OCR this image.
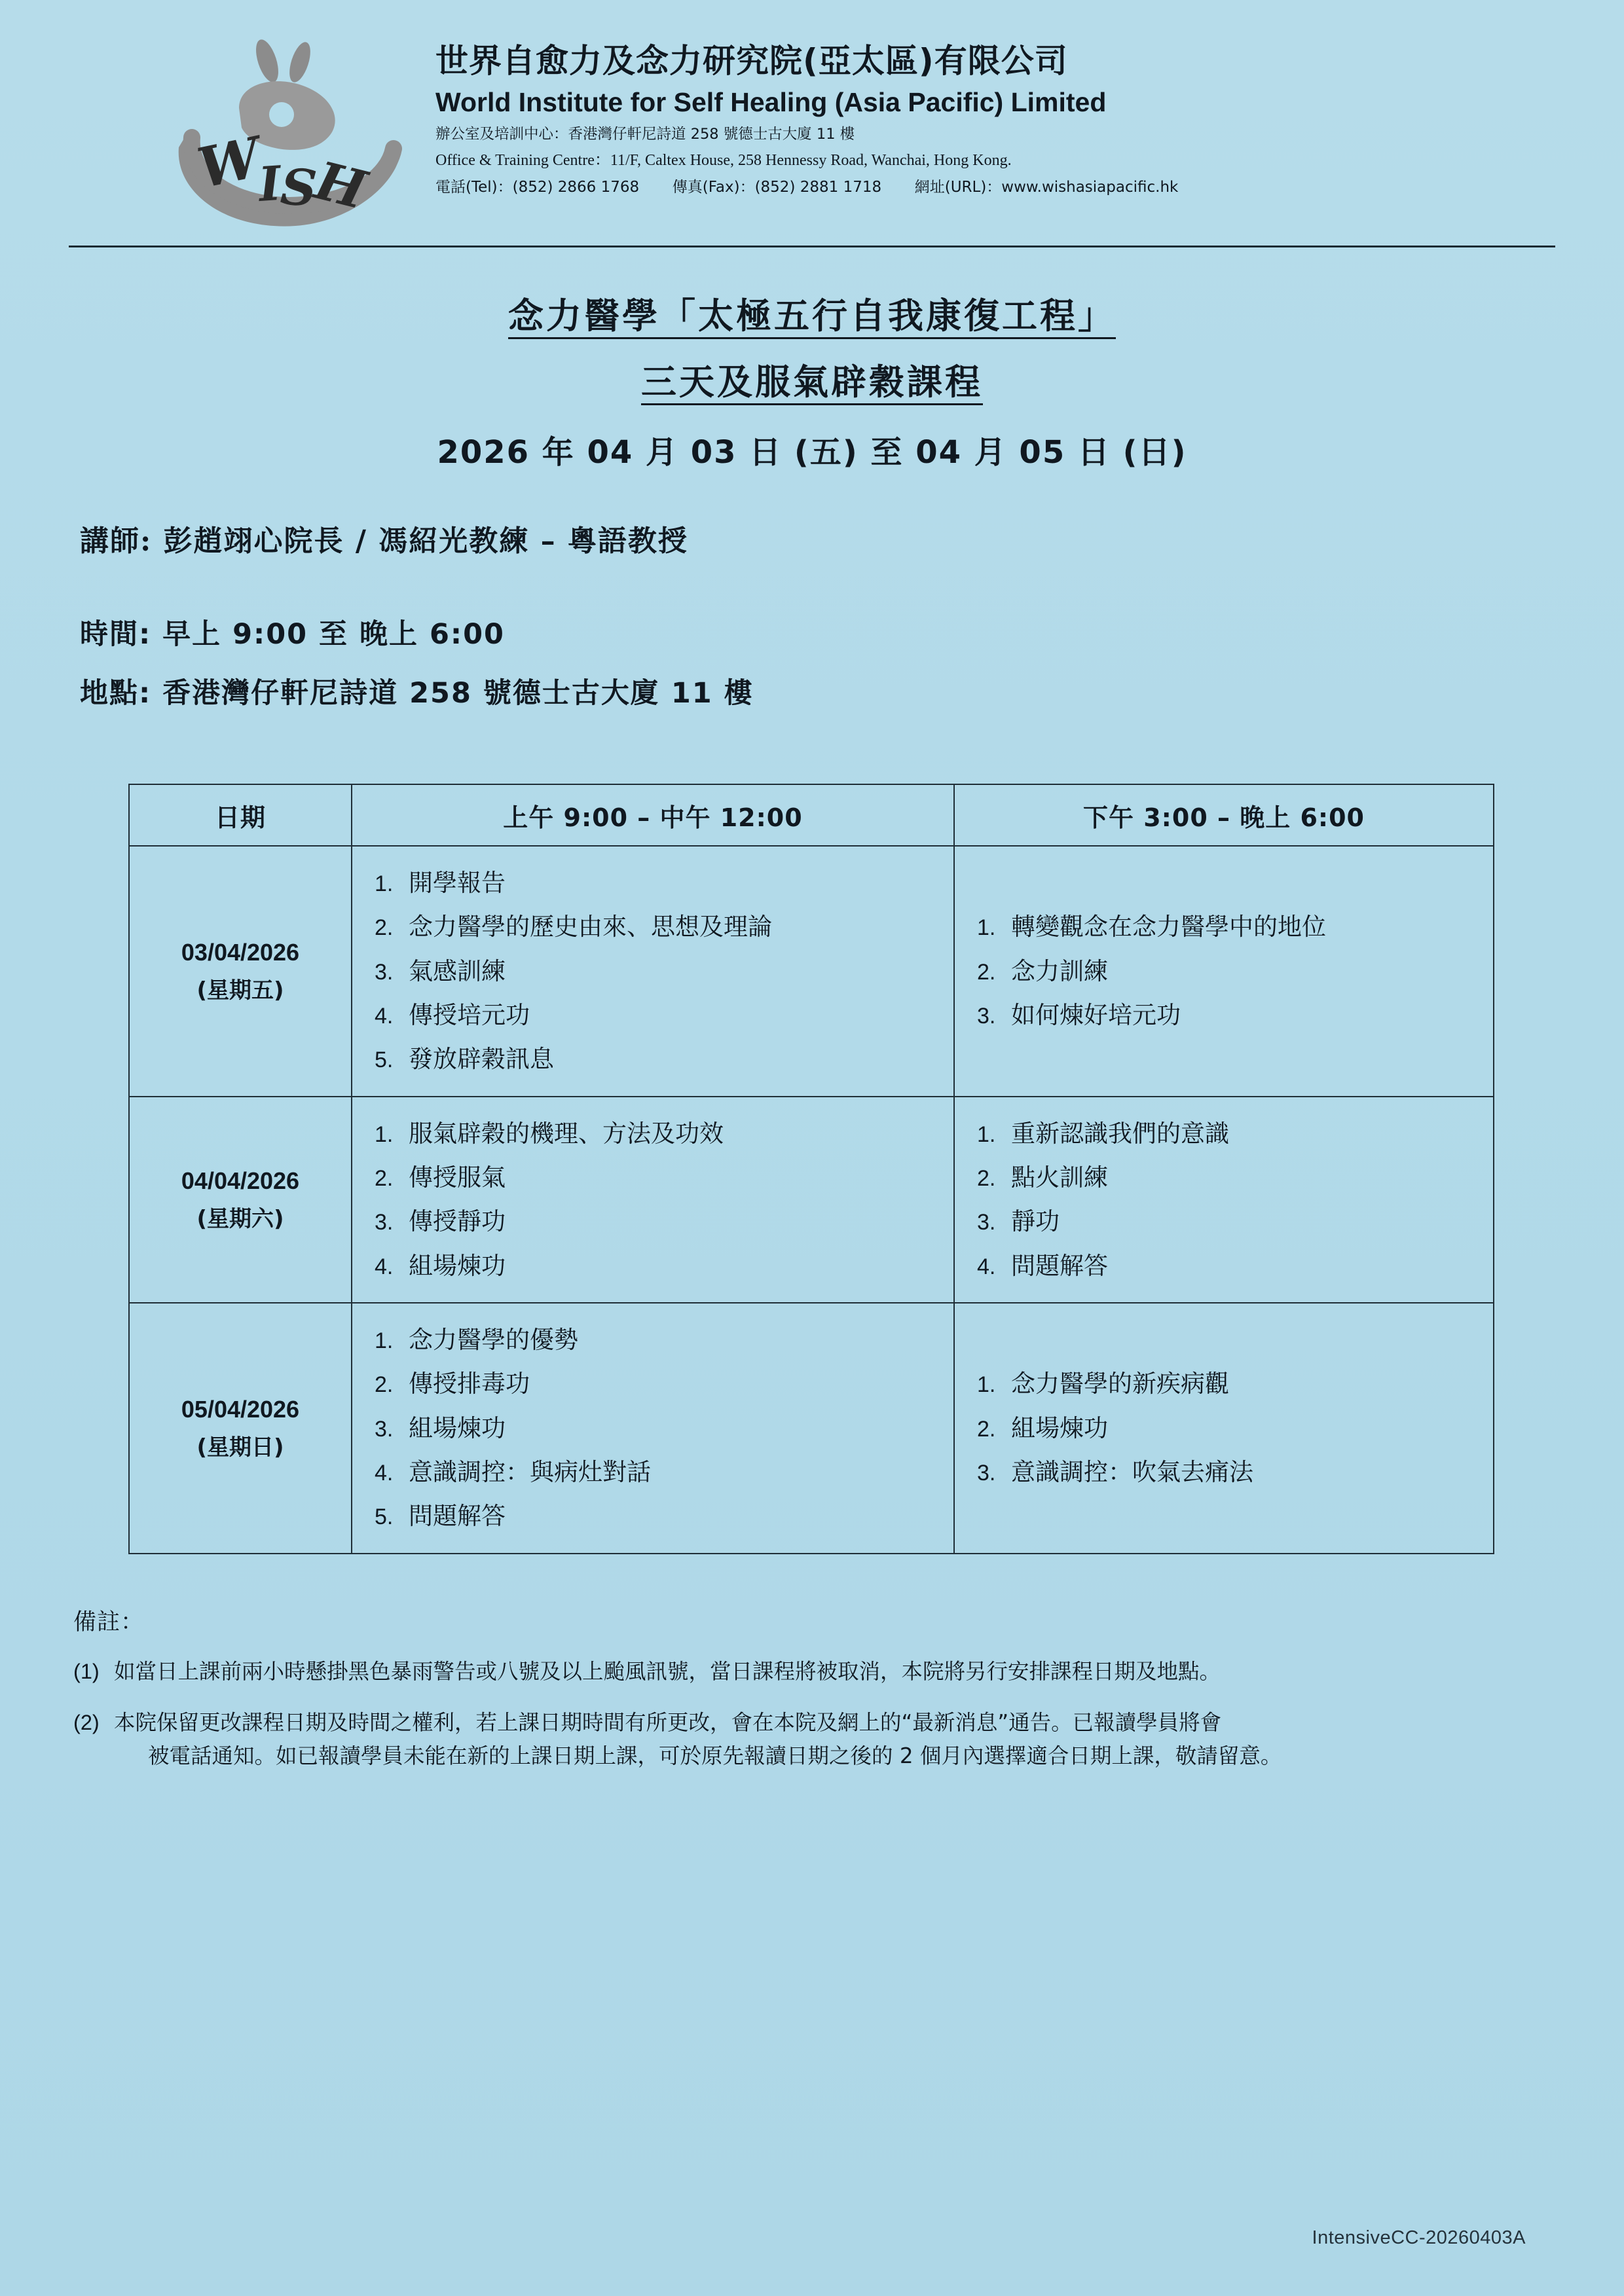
W
I
S
H
世界自愈力及念力研究院(亞太區)有限公司
World Institute for Self Healing (Asia Pacific) Limited
辦公室及培訓中心：香港灣仔軒尼詩道 258 號德士古大廈 11 樓
Office & Training Centre：11/F, Caltex House, 258 Hennessy Road, Wanchai, Hong Kong.
電話(Tel)：(852) 2866 1768 傳真(Fax)：(852) 2881 1718 網址(URL)：www.wishasiapacific.hk
念力醫學「太極五行自我康復工程」
三天及服氣辟穀課程
2026 年 04 月 03 日 (五) 至 04 月 05 日 (日)
講師: 彭趙翊心院長 / 馮紹光教練 – 粵語教授
時間: 早上 9:00 至 晚上 6:00
地點: 香港灣仔軒尼詩道 258 號德士古大廈 11 樓
日期	上午 9:00 – 中午 12:00	下午 3:00 – 晚上 6:00
03/04/2026
(星期五)

1. 開學報告
2. 念力醫學的歷史由來、思想及理論
3. 氣感訓練
4. 傳授培元功
5. 發放辟穀訊息

1. 轉變觀念在念力醫學中的地位
2. 念力訓練
3. 如何煉好培元功

04/04/2026
(星期六)

1. 服氣辟穀的機理、方法及功效
2. 傳授服氣
3. 傳授靜功
4. 組場煉功

1. 重新認識我們的意識
2. 點火訓練
3. 靜功
4. 問題解答

05/04/2026
(星期日)

1. 念力醫學的優勢
2. 傳授排毒功
3. 組場煉功
4. 意識調控：與病灶對話
5. 問題解答

1. 念力醫學的新疾病觀
2. 組場煉功
3. 意識調控：吹氣去痛法
備註：
(1) 如當日上課前兩小時懸掛黑色暴雨警告或八號及以上颱風訊號，當日課程將被取消，本院將另行安排課程日期及地點。
(2) 本院保留更改課程日期及時間之權利，若上課日期時間有所更改，會在本院及網上的“最新消息”通告。已報讀學員將會
被電話通知。如已報讀學員未能在新的上課日期上課，可於原先報讀日期之後的 2 個月內選擇適合日期上課，敬請留意。
IntensiveCC-20260403A
